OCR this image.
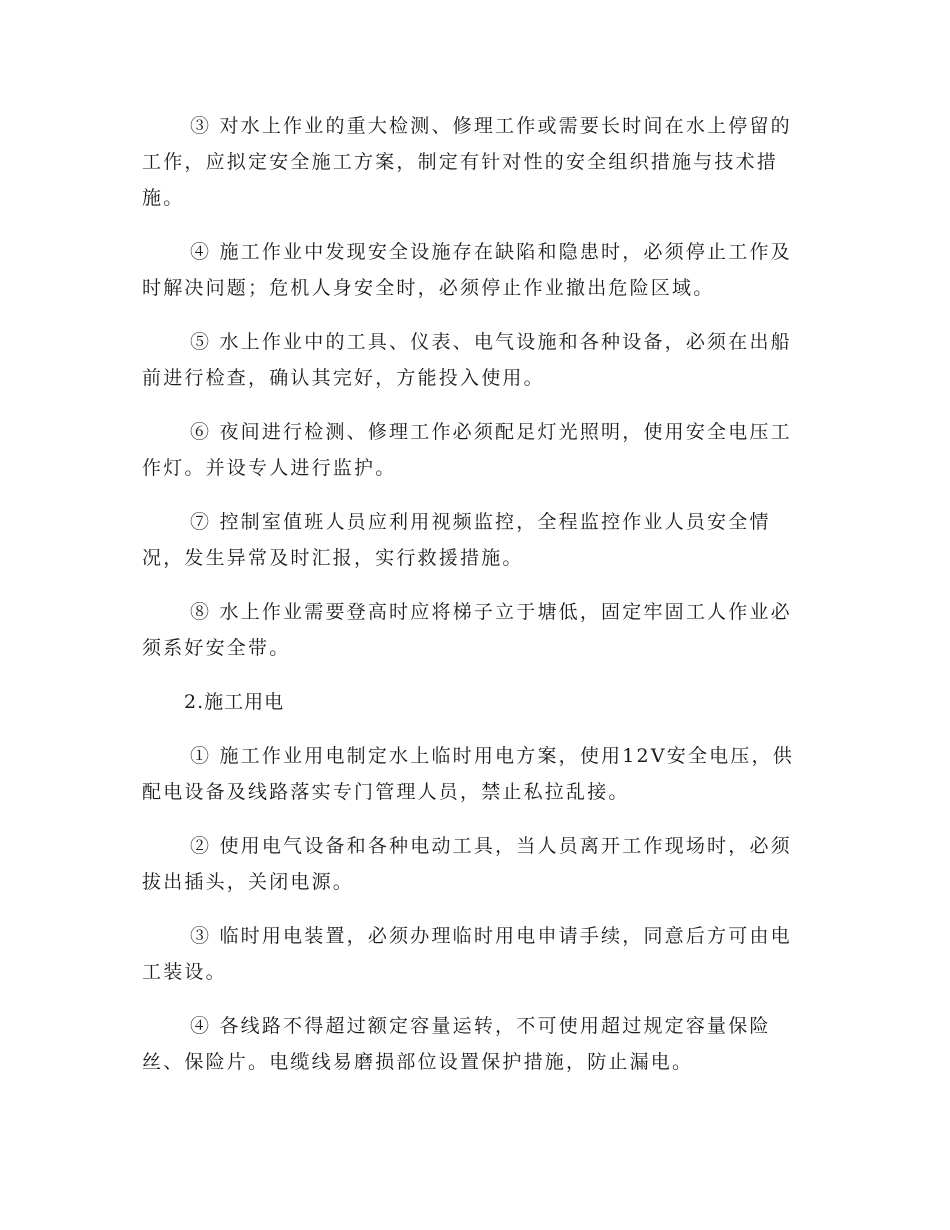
③ 对水上作业的重大检测、修理工作或需要长时间在水上停留的工作，应拟定安全施工方案，制定有针对性的安全组织措施与技术措施。

④ 施工作业中发现安全设施存在缺陷和隐患时，必须停止工作及时解决问题；危机人身安全时，必须停止作业撤出危险区域。

⑤ 水上作业中的工具、仪表、电气设施和各种设备，必须在出船前进行检查，确认其完好，方能投入使用。

⑥ 夜间进行检测、修理工作必须配足灯光照明，使用安全电压工作灯。并设专人进行监护。

⑦ 控制室值班人员应利用视频监控，全程监控作业人员安全情况，发生异常及时汇报，实行救援措施。

⑧ 水上作业需要登高时应将梯子立于塘低，固定牢固工人作业必须系好安全带。

2.施工用电

① 施工作业用电制定水上临时用电方案，使用12V安全电压，供配电设备及线路落实专门管理人员，禁止私拉乱接。

② 使用电气设备和各种电动工具，当人员离开工作现场时，必须拔出插头，关闭电源。

③ 临时用电装置，必须办理临时用电申请手续，同意后方可由电工装设。

④ 各线路不得超过额定容量运转，不可使用超过规定容量保险丝、保险片。电缆线易磨损部位设置保护措施，防止漏电。
